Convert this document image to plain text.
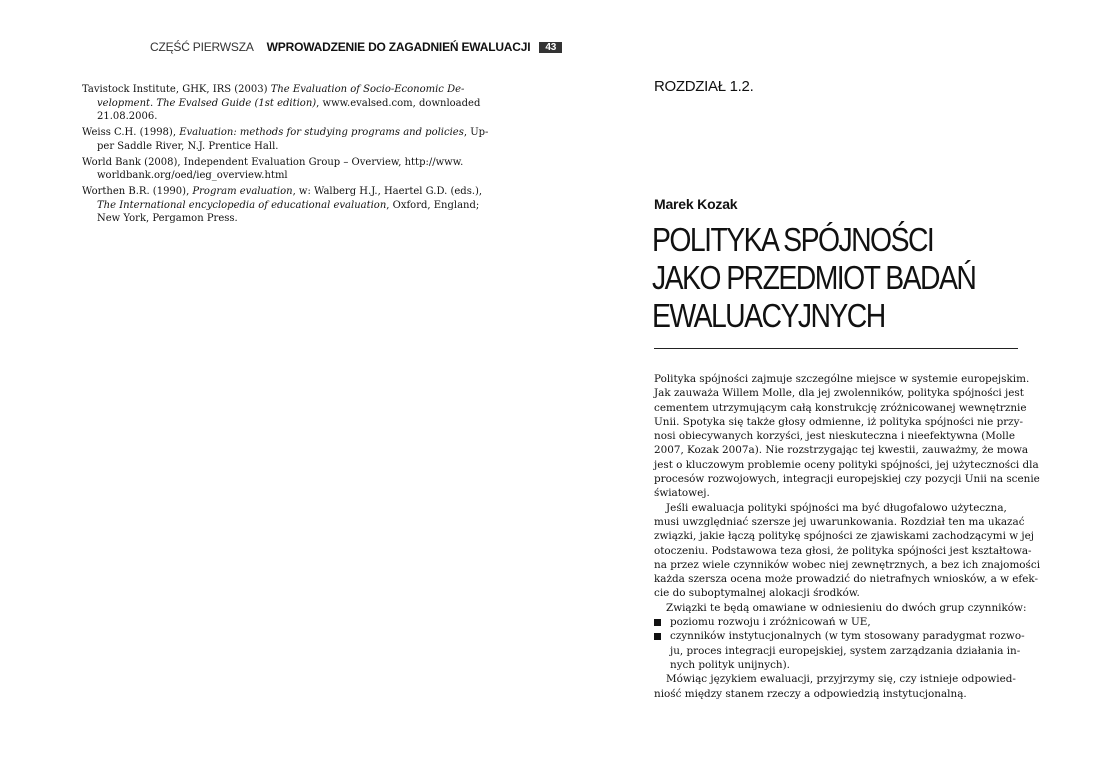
CZĘŚĆ PIERWSZA WPROWADZENIE DO ZAGADNIEŃ EWALUACJI	43
Tavistock Institute, GHK, IRS (2003) The Evaluation of Socio-Economic De-
velopment. The Evalsed Guide (1st edition), www.evalsed.com, downloaded
21.08.2006.
Weiss C.H. (1998), Evaluation: methods for studying programs and policies, Up-
per Saddle River, N.J. Prentice Hall.
World Bank (2008), Independent Evaluation Group – Overview, http://www.
worldbank.org/oed/ieg_overview.html
Worthen B.R. (1990), Program evaluation, w: Walberg H.J., Haertel G.D. (eds.),
The International encyclopedia of educational evaluation, Oxford, England;
New York, Pergamon Press.
ROZDZIAŁ 1.2.
Marek Kozak
POLITYKA SPÓJNOŚCI
JAKO PRZEDMIOT BADAŃ
EWALUACYJNYCH
Polityka spójności zajmuje szczególne miejsce w systemie europejskim.
Jak zauważa Willem Molle, dla jej zwolenników, polityka spójności jest
cementem utrzymującym całą konstrukcję zróżnicowanej wewnętrznie
Unii. Spotyka się także głosy odmienne, iż polityka spójności nie przy-
nosi obiecywanych korzyści, jest nieskuteczna i nieefektywna (Molle
2007, Kozak 2007a). Nie rozstrzygając tej kwestii, zauważmy, że mowa
jest o kluczowym problemie oceny polityki spójności, jej użyteczności dla
procesów rozwojowych, integracji europejskiej czy pozycji Unii na scenie
światowej.
Jeśli ewaluacja polityki spójności ma być długofalowo użyteczna,
musi uwzględniać szersze jej uwarunkowania. Rozdział ten ma ukazać
związki, jakie łączą politykę spójności ze zjawiskami zachodzącymi w jej
otoczeniu. Podstawowa teza głosi, że polityka spójności jest kształtowa-
na przez wiele czynników wobec niej zewnętrznych, a bez ich znajomości
każda szersza ocena może prowadzić do nietrafnych wniosków, a w efek-
cie do suboptymalnej alokacji środków.
Związki te będą omawiane w odniesieniu do dwóch grup czynników:
poziomu rozwoju i zróżnicowań w UE,
czynników instytucjonalnych (w tym stosowany paradygmat rozwo-
ju, proces integracji europejskiej, system zarządzania działania in-
nych polityk unijnych).
Mówiąc językiem ewaluacji, przyjrzymy się, czy istnieje odpowied-
niość między stanem rzeczy a odpowiedzią instytucjonalną.
